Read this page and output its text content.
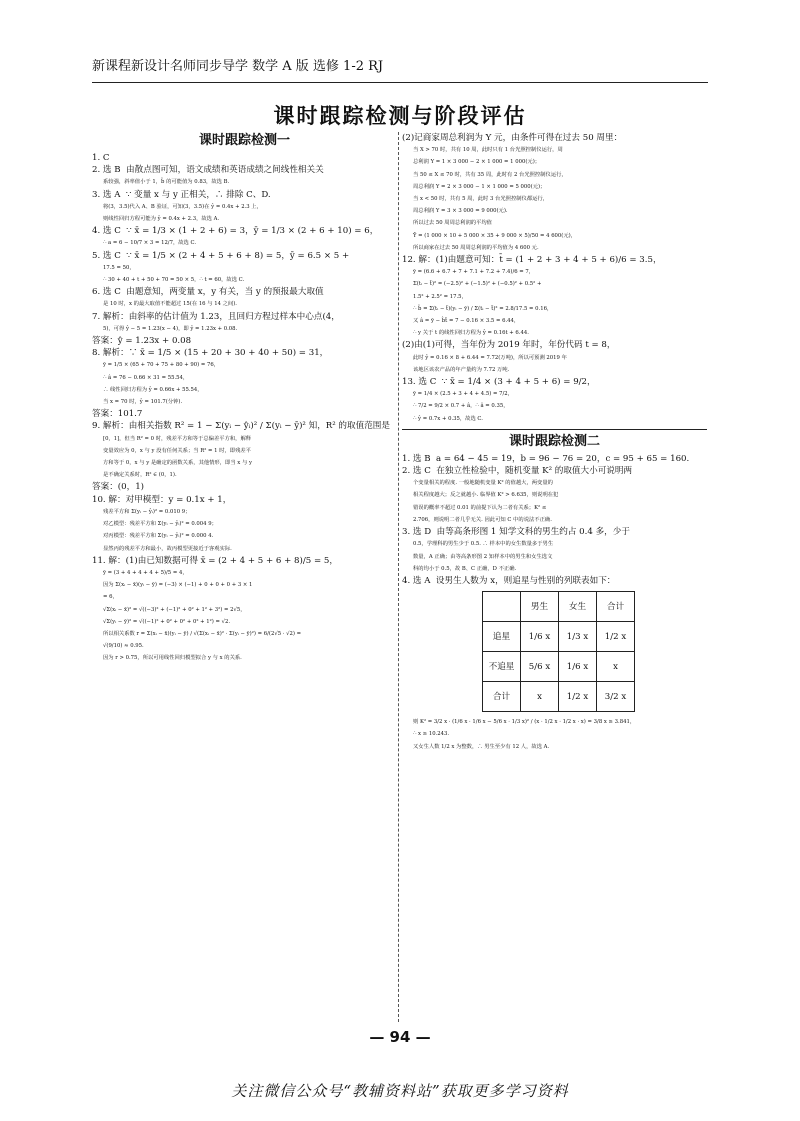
新课程新设计名师同步导学 数学 A 版 选修 1-2 RJ
课时跟踪检测与阶段评估
课时跟踪检测一
1. C
2. 选 B  由散点图可知，语文成绩和英语成绩之间线性相关关
系较强，斜率值小于 1，b̂ 的可能值为 0.83，故选 B.
3. 选 A  ∵ 变量 x 与 y 正相关，∴ 排除 C、D.
将(3，3.5)代入 A、B 验证，可知(3，3.5)在 ŷ = 0.4x + 2.3 上，
则线性回归方程可能为 ŷ = 0.4x + 2.3，故选 A.
4. 选 C  ∵ x̄ = 1/3 × (1 + 2 + 6) = 3，ȳ = 1/3 × (2 + 6 + 10) = 6，
∴ a = 6 − 10/7 × 3 = 12/7，故选 C.
5. 选 C  ∵ x̄ = 1/5 × (2 + 4 + 5 + 6 + 8) = 5，ȳ = 6.5 × 5 +
17.5 = 50，
∴ 30 + 40 + t + 50 + 70 = 50 × 5，∴ t = 60，故选 C.
6. 选 C  由题意知，两变量 x，y 有关，当 y 的预报最大取值
是 10 时，x 的最大取值不能超过 15(在 16 与 14 之间).
7. 解析：由斜率的估计值为 1.23，且回归方程过样本中心点(4，
5)，可得 ŷ − 5 = 1.23(x − 4)，即 ŷ = 1.23x + 0.08.
答案：ŷ = 1.23x + 0.08
8. 解析：∵ x̄ = 1/5 × (15 + 20 + 30 + 40 + 50) = 31，
ȳ = 1/5 × (65 + 70 + 75 + 80 + 90) = 76，
∴ â = 76 − 0.66 × 31 = 55.54，
∴ 线性回归方程为 ŷ = 0.66x + 55.54，
当 x = 70 时，ŷ = 101.7(分钟).
答案：101.7
9. 解析：由相关指数 R² = 1 − Σ(yᵢ − ŷᵢ)² / Σ(yᵢ − ȳ)² 知，R² 的取值范围是
[0，1]，但当 R² = 0 时，残差平方和等于总偏差平方和，解释
变量效应为 0，x 与 y 没有任何关系；当 R² = 1 时，即残差平
方和等于 0，x 与 y 是确定的函数关系，其他情形，即当 x 与 y
是不确定关系时，R² ∈ (0，1).
答案：(0，1)
10. 解：对甲模型：y = 0.1x + 1，
残差平方和 Σ(yᵢ − ŷᵢ)² = 0.010 9；
对乙模型：残差平方和 Σ(yᵢ − ŷᵢ)² = 0.004 9；
对丙模型：残差平方和 Σ(yᵢ − ŷᵢ)² = 0.000 4.
显然丙的残差平方和最小，故丙模型更接近于客观实际.
11. 解：(1)由已知数据可得 x̄ = (2 + 4 + 5 + 6 + 8)/5 = 5，
ȳ = (3 + 4 + 4 + 4 + 5)/5 = 4，
因为 Σ(xᵢ − x̄)(yᵢ − ȳ) = (−3) × (−1) + 0 + 0 + 0 + 3 × 1
= 6，
√Σ(xᵢ − x̄)² = √((−3)² + (−1)² + 0² + 1² + 3²) = 2√5，
√Σ(yᵢ − ȳ)² = √((−1)² + 0² + 0² + 0² + 1²) = √2.
所以相关系数 r = Σ(xᵢ − x̄)(yᵢ − ȳ) / √(Σ(xᵢ − x̄)² · Σ(yᵢ − ȳ)²) = 6/(2√5 · √2) =
√(9/10) ≈ 0.95.
因为 r > 0.75，所以可用线性回归模型拟合 y 与 x 的关系.
(2)记商家周总利润为 Y 元，由条件可得在过去 50 周里：
当 X > 70 时，共有 10 周，此时只有 1 台光照控制仪运行，周
总利润 Y = 1 × 3 000 − 2 × 1 000 = 1 000(元)；
当 50 ≤ X ≤ 70 时，共有 35 周，此时有 2 台光照控制仪运行，
周总利润 Y = 2 × 3 000 − 1 × 1 000 = 5 000(元)；
当 x < 50 时，共有 5 周，此时 3 台光照控制仪都运行，
周总利润 Y = 3 × 3 000 = 9 000(元).
所以过去 50 周周总利润的平均值
Ȳ = (1 000 × 10 + 5 000 × 35 + 9 000 × 5)/50 = 4 600(元)，
所以商家在过去 50 周周总利润的平均值为 4 600 元.
12. 解：(1)由题意可知：t̄ = (1 + 2 + 3 + 4 + 5 + 6)/6 = 3.5，
ȳ = (6.6 + 6.7 + 7 + 7.1 + 7.2 + 7.4)/6 = 7，
Σ(tᵢ − t̄)² = (−2.5)² + (−1.5)² + (−0.5)² + 0.5² +
1.5² + 2.5² = 17.5，
∴ b̂ = Σ(tᵢ − t̄)(yᵢ − ȳ) / Σ(tᵢ − t̄)² = 2.8/17.5 = 0.16，
又 â = ȳ − b̂t̄ = 7 − 0.16 × 3.5 = 6.44，
∴ y 关于 t 的线性回归方程为 ŷ = 0.16t + 6.44.
(2)由(1)可得，当年份为 2019 年时，年份代码 t = 8，
此时 ŷ = 0.16 × 8 + 6.44 = 7.72(万吨)，所以可预测 2019 年
该地区该农产品的年产量约为 7.72 万吨.
13. 选 C  ∵ x̄ = 1/4 × (3 + 4 + 5 + 6) = 9/2，
ȳ = 1/4 × (2.5 + 3 + 4 + 4.5) = 7/2，
∴ 7/2 = 9/2 × 0.7 + â，∴ â = 0.35，
∴ ŷ = 0.7x + 0.35，故选 C.
课时跟踪检测二
1. 选 B  a = 64 − 45 = 19，b = 96 − 76 = 20，c = 95 + 65 = 160.
2. 选 C  在独立性检验中，随机变量 K² 的取值大小可说明两
个变量相关的程度. 一般地随机变量 K² 的值越大，两变量的
相关程度越大；反之就越小. 临界值 K² > 6.635，则说明在犯
错误的概率不超过 0.01 的前提下认为二者有关系；K² ≤
2.706，则说明二者几乎无关. 因此可知 C 中的说法不正确.
3. 选 D  由等高条形图 1 知学文科的男生约占 0.4 多，少于
0.5，学理科的男生少于 0.5. ∴ 样本中的女生数量多于男生
数量，A 正确；由等高条形图 2 知样本中的男生和女生选文
科的均小于 0.5，故 B、C 正确，D 不正确.
4. 选 A  设男生人数为 x，则追星与性别的列联表如下：
	男生	女生	合计
追星	1/6 x	1/3 x	1/2 x
不追星	5/6 x	1/6 x	x
合计	x	1/2 x	3/2 x
则 K² = 3/2 x · (1/6 x · 1/6 x − 5/6 x · 1/3 x)² / (x · 1/2 x · 1/2 x · x) = 3/8 x ≥ 3.841，
∴ x ≥ 10.243.
又女生人数 1/2 x 为整数，∴ 男生至少有 12 人，故选 A.
— 94 —
关注微信公众号“教辅资料站”获取更多学习资料
